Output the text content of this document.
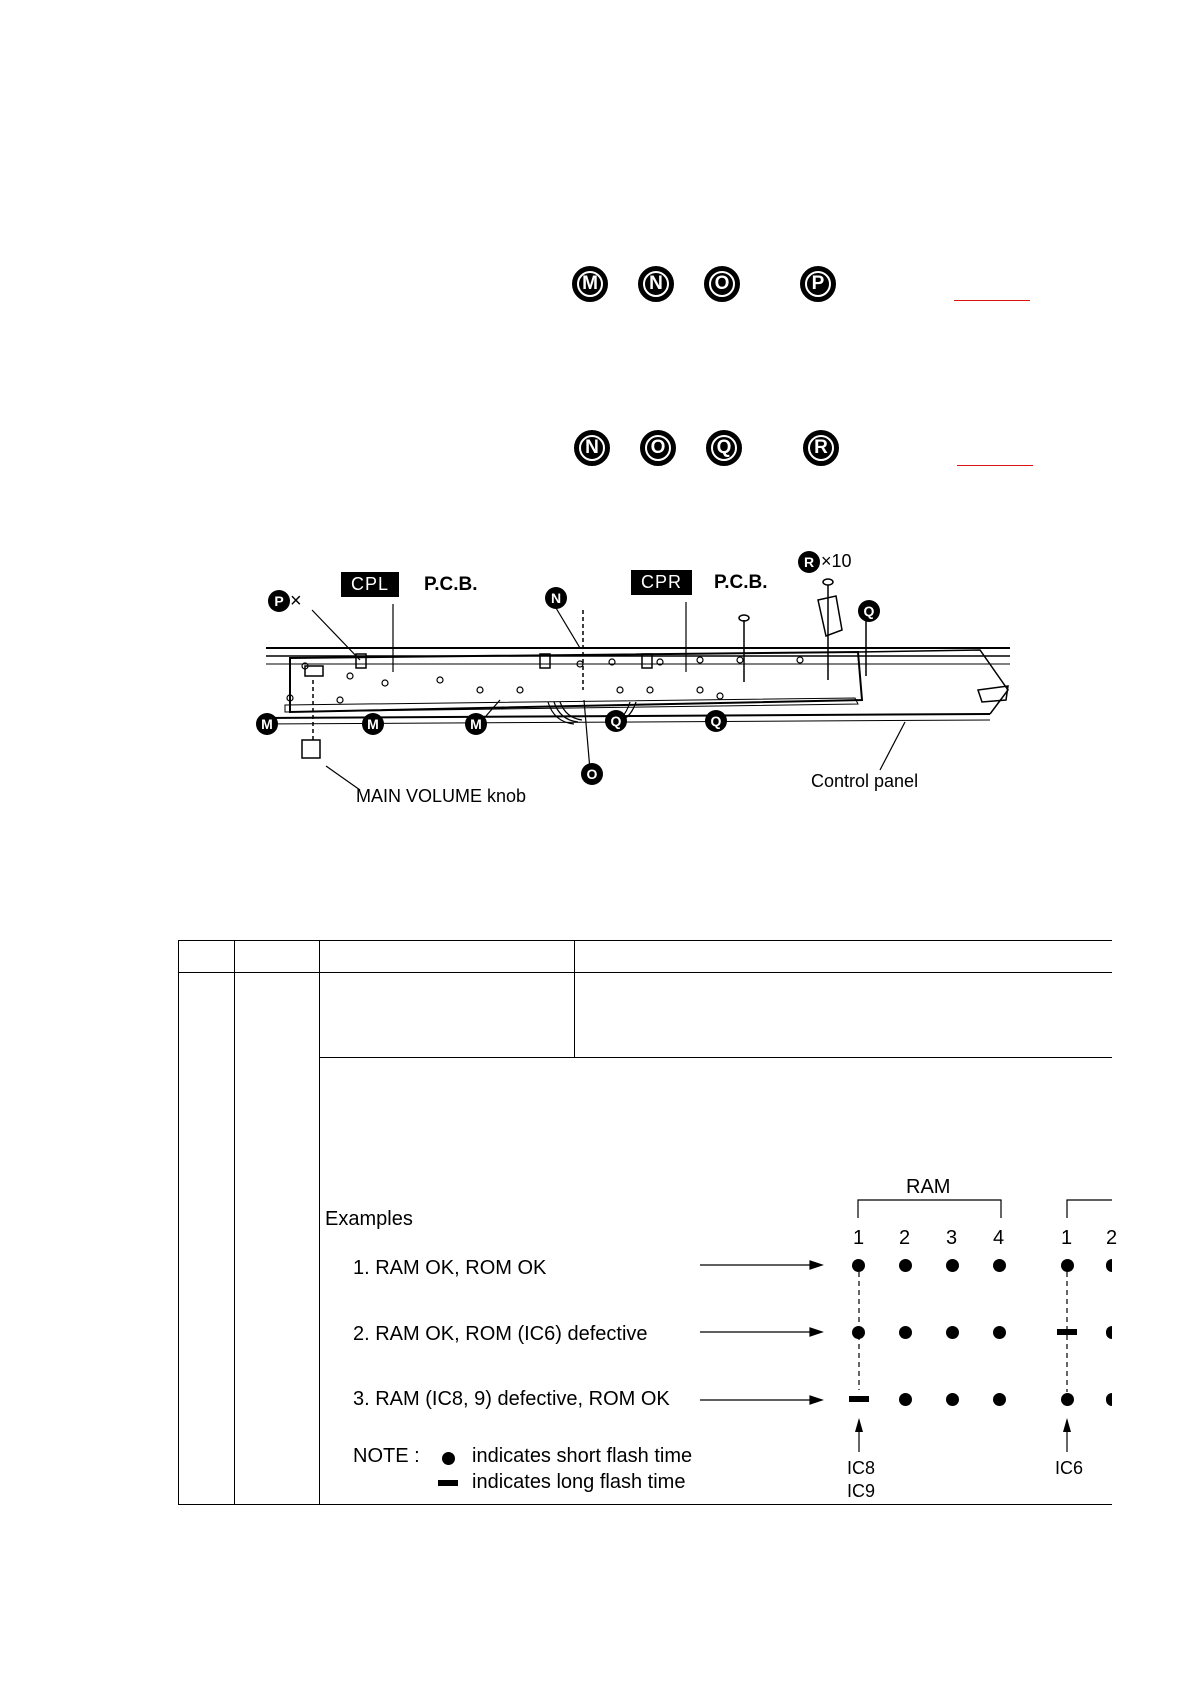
M	N	O	P
N	O	Q	R
CPL	P.C.B.	CPR	P.C.B.
P ×	N
R ×10
Q
M	M	M	Q	Q
O
MAIN VOLUME knob
Control panel
Examples
1. RAM OK, ROM OK
2. RAM OK, ROM (IC6) defective
3. RAM (IC8, 9) defective, ROM OK
RAM
1 2 3 4	1 2
IC8
IC9
IC6
NOTE :	indicates short flash time
indicates long flash time
